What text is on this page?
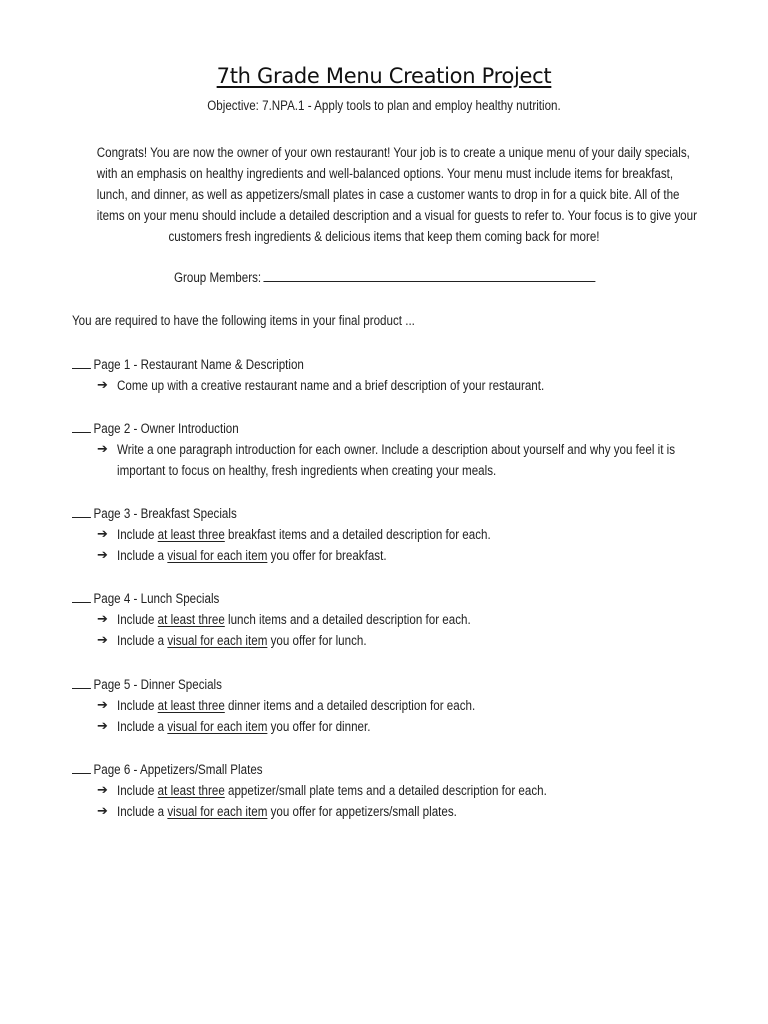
7th Grade Menu Creation Project
Objective: 7.NPA.1 - Apply tools to plan and employ healthy nutrition.
Congrats! You are now the owner of your own restaurant! Your job is to create a unique menu of your daily specials,
with an emphasis on healthy ingredients and well-balanced options. Your menu must include items for breakfast,
lunch, and dinner, as well as appetizers/small plates in case a customer wants to drop in for a quick bite. All of the
items on your menu should include a detailed description and a visual for guests to refer to. Your focus is to give your
customers fresh ingredients & delicious items that keep them coming back for more!
Group Members:
You are required to have the following items in your final product ...
Page 1 - Restaurant Name & Description
➔ Come up with a creative restaurant name and a brief description of your restaurant.
Page 2 - Owner Introduction
➔ Write a one paragraph introduction for each owner. Include a description about yourself and why you feel it is
important to focus on healthy, fresh ingredients when creating your meals.
Page 3 - Breakfast Specials
➔ Include at least three breakfast items and a detailed description for each.
➔ Include a visual for each item you offer for breakfast.
Page 4 - Lunch Specials
➔ Include at least three lunch items and a detailed description for each.
➔ Include a visual for each item you offer for lunch.
Page 5 - Dinner Specials
➔ Include at least three dinner items and a detailed description for each.
➔ Include a visual for each item you offer for dinner.
Page 6 - Appetizers/Small Plates
➔ Include at least three appetizer/small plate tems and a detailed description for each.
➔ Include a visual for each item you offer for appetizers/small plates.
